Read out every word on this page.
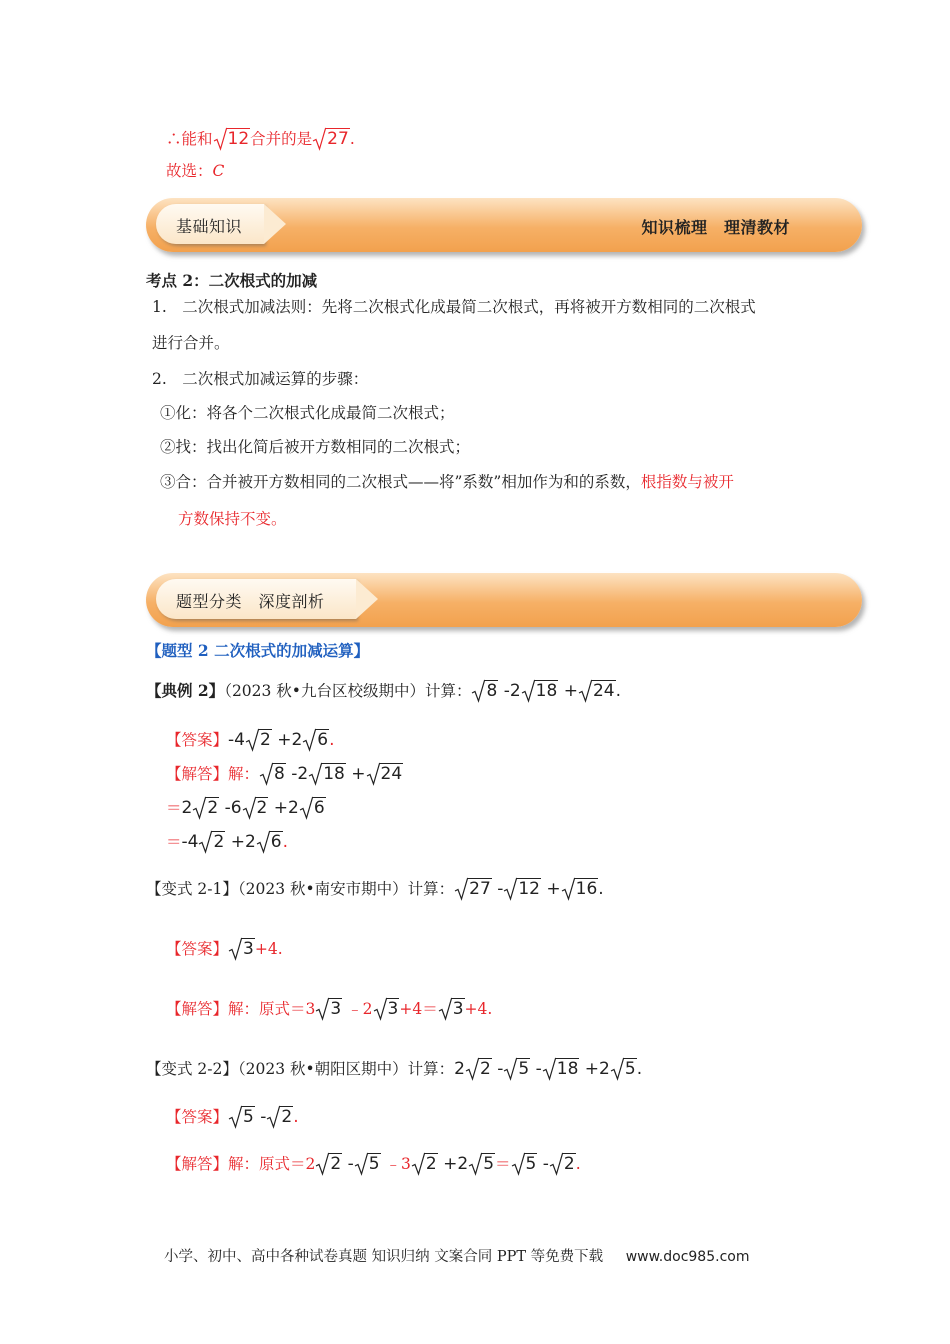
∴能和 12
合并的是 27
.
故选：C
基础知识	知识梳理　理清教材
考点 2：二次根式的加减
1.　二次根式加减法则：先将二次根式化成最简二次根式，再将被开方数相同的二次根式
进行合并。
2.　二次根式加减运算的步骤：
①化：将各个二次根式化成最简二次根式；
②找：找出化简后被开方数相同的二次根式；
③合：合并被开方数相同的二次根式——将”系数”相加作为和的系数，根指数与被开
方数保持不变。
题型分类　深度剖析
【题型 2 二次根式的加减运算】
【典例 2】（2023 秋•九台区校级期中）计算： 8
-2 18
+ 24
.
【答案】-4 2
+2 6
.
【解答】解： 8
-2 18
+ 24
＝2 2
-6 2
+2 6
＝-4 2
+2 6
.
【变式 2-1】（2023 秋•南安市期中）计算： 27
- 12
+ 16
.
【答案】 3
+4.
【解答】解：原式＝3 3
﹣2 3
+4＝ 3
+4.
【变式 2-2】（2023 秋•朝阳区期中）计算：2 2
- 5
- 18
+2 5
.
【答案】 5
- 2
.
【解答】解：原式＝2 2
- 5
﹣3 2
+2 5
＝ 5
- 2
.
小学、初中、高中各种试卷真题 知识归纳 文案合同 PPT 等免费下载 www.doc985.com
